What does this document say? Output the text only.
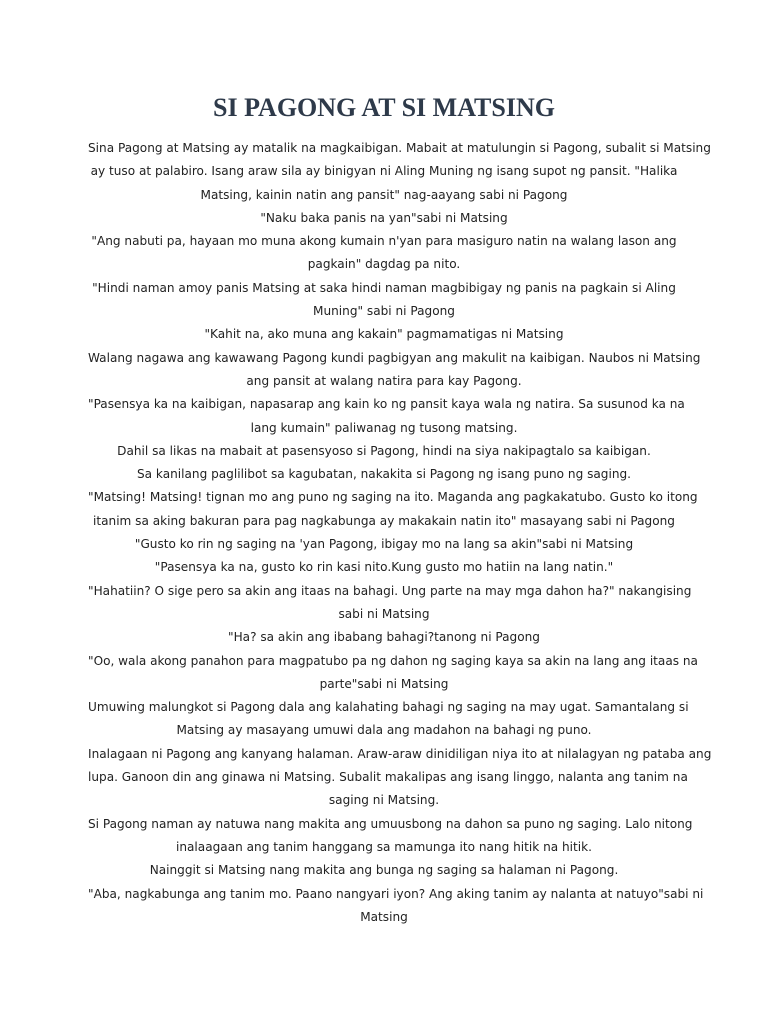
SI PAGONG AT SI MATSING
Sina Pagong at Matsing ay matalik na magkaibigan. Mabait at matulungin si Pagong, subalit si Matsing
ay tuso at palabiro. Isang araw sila ay binigyan ni Aling Muning ng isang supot ng pansit. "Halika
Matsing, kainin natin ang pansit" nag-aayang sabi ni Pagong
"Naku baka panis na yan"sabi ni Matsing
"Ang nabuti pa, hayaan mo muna akong kumain n'yan para masiguro natin na walang lason ang
pagkain" dagdag pa nito.
"Hindi naman amoy panis Matsing at saka hindi naman magbibigay ng panis na pagkain si Aling
Muning" sabi ni Pagong
"Kahit na, ako muna ang kakain" pagmamatigas ni Matsing
Walang nagawa ang kawawang Pagong kundi pagbigyan ang makulit na kaibigan. Naubos ni Matsing
ang pansit at walang natira para kay Pagong.
"Pasensya ka na kaibigan, napasarap ang kain ko ng pansit kaya wala ng natira. Sa susunod ka na
lang kumain" paliwanag ng tusong matsing.
Dahil sa likas na mabait at pasensyoso si Pagong, hindi na siya nakipagtalo sa kaibigan.
Sa kanilang paglilibot sa kagubatan, nakakita si Pagong ng isang puno ng saging.
"Matsing! Matsing! tignan mo ang puno ng saging na ito. Maganda ang pagkakatubo. Gusto ko itong
itanim sa aking bakuran para pag nagkabunga ay makakain natin ito" masayang sabi ni Pagong
"Gusto ko rin ng saging na 'yan Pagong, ibigay mo na lang sa akin"sabi ni Matsing
"Pasensya ka na, gusto ko rin kasi nito.Kung gusto mo hatiin na lang natin."
"Hahatiin? O sige pero sa akin ang itaas na bahagi. Ung parte na may mga dahon ha?" nakangising
sabi ni Matsing
"Ha? sa akin ang ibabang bahagi?tanong ni Pagong
"Oo, wala akong panahon para magpatubo pa ng dahon ng saging kaya sa akin na lang ang itaas na
parte"sabi ni Matsing
Umuwing malungkot si Pagong dala ang kalahating bahagi ng saging na may ugat. Samantalang si
Matsing ay masayang umuwi dala ang madahon na bahagi ng puno.
Inalagaan ni Pagong ang kanyang halaman. Araw-araw dinidiligan niya ito at nilalagyan ng pataba ang
lupa. Ganoon din ang ginawa ni Matsing. Subalit makalipas ang isang linggo, nalanta ang tanim na
saging ni Matsing.
Si Pagong naman ay natuwa nang makita ang umuusbong na dahon sa puno ng saging. Lalo nitong
inalaagaan ang tanim hanggang sa mamunga ito nang hitik na hitik.
Nainggit si Matsing nang makita ang bunga ng saging sa halaman ni Pagong.
"Aba, nagkabunga ang tanim mo. Paano nangyari iyon? Ang aking tanim ay nalanta at natuyo"sabi ni
Matsing
